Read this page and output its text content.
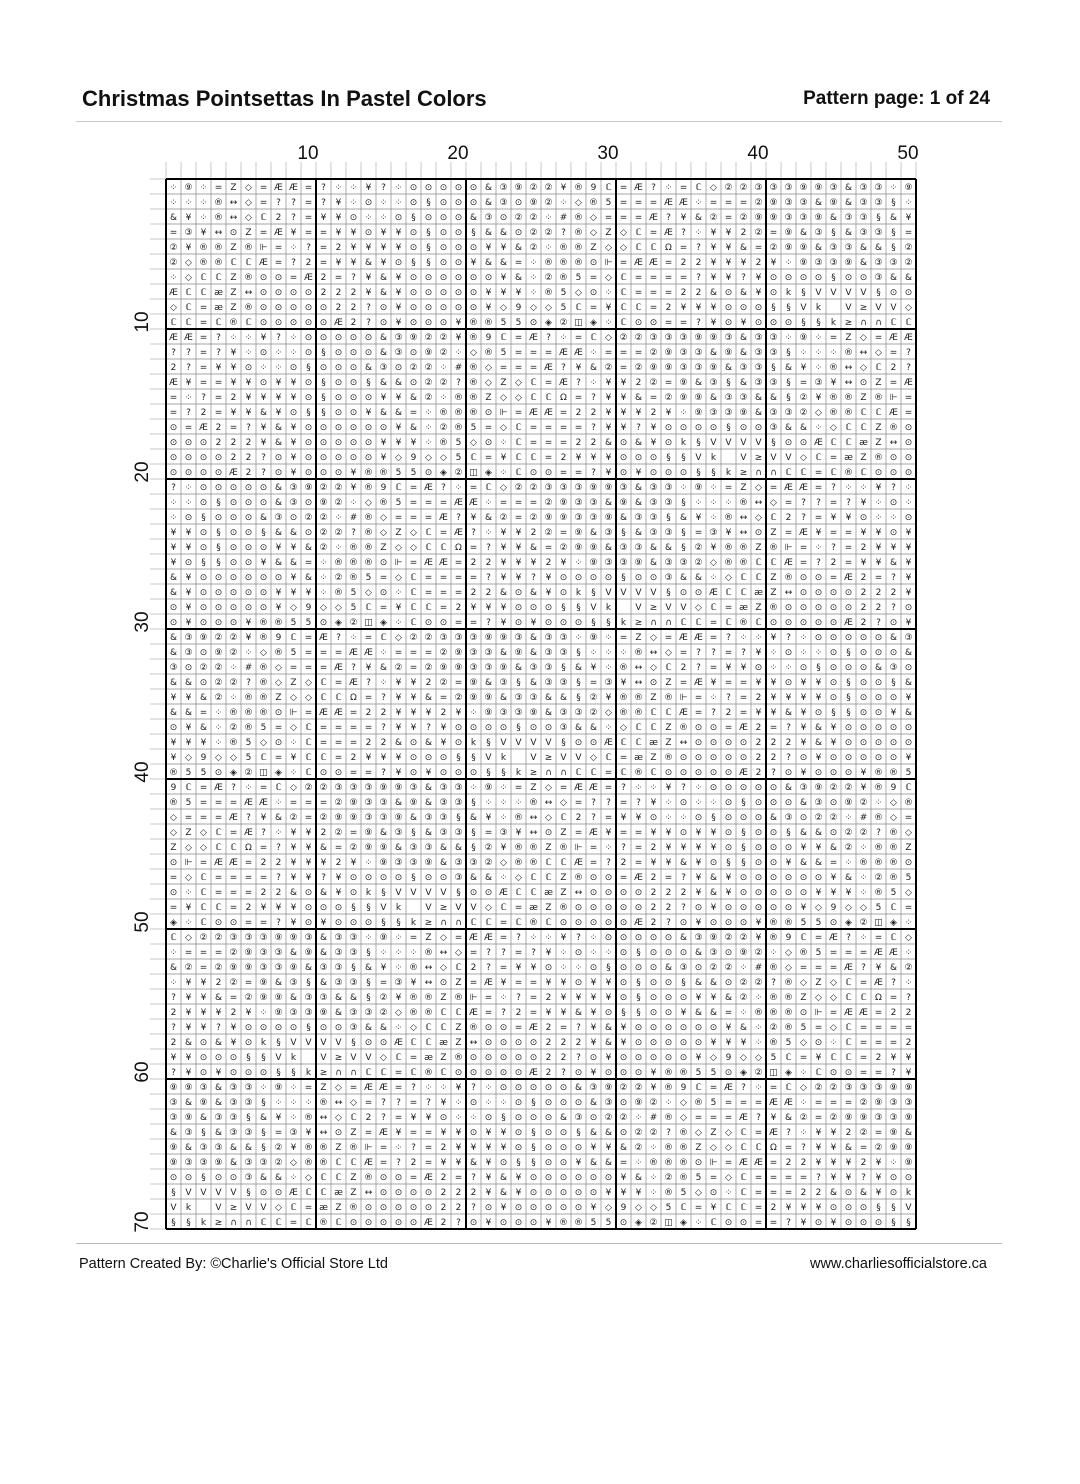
Christmas Pointsettas In Pastel Colors	Pattern page: 1 of 24
⁘ ⑨ ⁘ = Z ◇ = Æ Æ = ? ⁘ ⁘ ¥ ? ⁘ ⊙ ⊙ ⊙ ⊙ ⊙ & ③ ⑨ ② ② ¥ ® 9 ℂ = Æ ? ⁘ = ℂ ◇ ② ② ③ ③ ③ ⑨ ⑨ ③ & ③ ③ ⁘ ⑨
⁘ ⁘ ⁘ ® ↔ ◇ = ? ? = ? ¥ ⁘ ⊙ ⁘ ⁘ ⊙ § ⊙ ⊙ ⊙ & ③ ⊙ ⑨ ② ⁘ ◇ ® 5 = = = Æ Æ ⁘ = = = ② ⑨ ③ ③ & ⑨ & ③ ③ § ⁘
& ¥ ⁘ ® ↔ ◇ ℂ 2 ? = ¥ ¥ ⊙ ⁘ ⁘ ⊙ § ⊙ ⊙ ⊙ & ③ ⊙ ② ② ⁘ # ® ◇ = = = Æ ? ¥ & ② = ② ⑨ ⑨ ③ ③ ⑨ & ③ ③ § & ¥
= ③ ¥ ↔ ⊙ Z = Æ ¥ = = ¥ ¥ ⊙ ¥ ¥ ⊙ § ⊙ ⊙ § & & ⊙ ② ② ? ® ◇ Z ◇ ℂ = Æ ? ⁘ ¥ ¥ 2 ② = ⑨ & ③ § & ③ ③ § =
② ¥ ® ® Z ® ⊩ = ⁘ ? = 2 ¥ ¥ ¥ ¥ ⊙ § ⊙ ⊙ ⊙ ¥ ¥ & ② ⁘ ® ® Z ◇ ◇ ℂ ℂ Ω = ? ¥ ¥ & = ② ⑨ ⑨ & ③ ③ & & § ②
② ◇ ® ® ℂ ℂ Æ = ? 2 = ¥ ¥ & ¥ ⊙ § § ⊙ ⊙ ¥ & & = ⁘ ® ® ® ⊙ ⊩ = Æ Æ = 2 2 ¥ ¥ ¥ 2 ¥ ⁘ ⑨ ③ ③ ⑨ & ③ ③ ②
⁘ ◇ ℂ ℂ Z ® ⊙ ⊙ = Æ 2 = ? ¥ & ¥ ⊙ ⊙ ⊙ ⊙ ⊙ ⊙ ¥ & ⁘ ② ® 5 = ◇ ℂ = = = = ? ¥ ¥ ? ¥ ⊙ ⊙ ⊙ ⊙ § ⊙ ⊙ ③ & &
Æ ℂ ℂ æ Z ↔ ⊙ ⊙ ⊙ ⊙ 2 2 2 ¥ & ¥ ⊙ ⊙ ⊙ ⊙ ⊙ ¥ ¥ ¥ ⁘ ® 5 ◇ ⊙ ⁘ ℂ = = = 2 2 & ⊙ & ¥ ⊙ k § V V V V § ⊙ ⊙
◇ ℂ = æ Z ® ⊙ ⊙ ⊙ ⊙ ⊙ 2 2 ? ⊙ ¥ ⊙ ⊙ ⊙ ⊙ ⊙ ¥ ◇ 9 ◇ ◇ 5 ℂ = ¥ ℂ ℂ = 2 ¥ ¥ ¥ ⊙ ⊙ ⊙ § § V k	V ≥ V V ◇
ℂ ℂ = ℂ ® ℂ ⊙ ⊙ ⊙ ⊙ ⊙ Æ 2 ? ⊙ ¥ ⊙ ⊙ ⊙ ¥ ® ® 5 5 ⊙ ◈ ② ◫ ◈ ⁘ ℂ ⊙ ⊙ = = ? ¥ ⊙ ¥ ⊙ ⊙ ⊙ § § k ≥ ∩ ∩ ℂ ℂ
Æ Æ = ? ⁘ ⁘ ¥ ? ⁘ ⊙ ⊙ ⊙ ⊙ ⊙ & ③ ⑨ ② ② ¥ ® 9 ℂ = Æ ? ⁘ = ℂ ◇ ② ② ③ ③ ③ ⑨ ⑨ ③ & ③ ③ ⁘ ⑨ ⁘ = Z ◇ = Æ Æ
? ? = ? ¥ ⁘ ⊙ ⁘ ⁘ ⊙ § ⊙ ⊙ ⊙ & ③ ⊙ ⑨ ② ⁘ ◇ ® 5 = = = Æ Æ ⁘ = = = ② ⑨ ③ ③ & ⑨ & ③ ③ § ⁘ ⁘ ⁘ ® ↔ ◇ = ?
2 ? = ¥ ¥ ⊙ ⁘ ⁘ ⊙ § ⊙ ⊙ ⊙ & ③ ⊙ ② ② ⁘ # ® ◇ = = = Æ ? ¥ & ② = ② ⑨ ⑨ ③ ③ ⑨ & ③ ③ § & ¥ ⁘ ® ↔ ◇ ℂ 2 ?
Æ ¥ = = ¥ ¥ ⊙ ¥ ¥ ⊙ § ⊙ ⊙ § & & ⊙ ② ② ? ® ◇ Z ◇ ℂ = Æ ? ⁘ ¥ ¥ 2 ② = ⑨ & ③ § & ③ ③ § = ③ ¥ ↔ ⊙ Z = Æ
= ⁘ ? = 2 ¥ ¥ ¥ ¥ ⊙ § ⊙ ⊙ ⊙ ¥ ¥ & ② ⁘ ® ® Z ◇ ◇ ℂ ℂ Ω = ? ¥ ¥ & = ② ⑨ ⑨ & ③ ③ & & § ② ¥ ® ® Z ® ⊩ =
= ? 2 = ¥ ¥ & ¥ ⊙ § § ⊙ ⊙ ¥ & & = ⁘ ® ® ® ⊙ ⊩ = Æ Æ = 2 2 ¥ ¥ ¥ 2 ¥ ⁘ ⑨ ③ ③ ⑨ & ③ ③ ② ◇ ® ® ℂ ℂ Æ =
⊙ = Æ 2 = ? ¥ & ¥ ⊙ ⊙ ⊙ ⊙ ⊙ ⊙ ¥ & ⁘ ② ® 5 = ◇ ℂ = = = = ? ¥ ¥ ? ¥ ⊙ ⊙ ⊙ ⊙ § ⊙ ⊙ ③ & & ⁘ ◇ ℂ ℂ Z ® ⊙
⊙ ⊙ ⊙ 2 2 2 ¥ & ¥ ⊙ ⊙ ⊙ ⊙ ⊙ ¥ ¥ ¥ ⁘ ® 5 ◇ ⊙ ⁘ ℂ = = = 2 2 & ⊙ & ¥ ⊙ k § V V V V § ⊙ ⊙ Æ ℂ ℂ æ Z ↔ ⊙
⊙ ⊙ ⊙ ⊙ 2 2 ? ⊙ ¥ ⊙ ⊙ ⊙ ⊙ ⊙ ¥ ◇ 9 ◇ ◇ 5 ℂ = ¥ ℂ ℂ = 2 ¥ ¥ ¥ ⊙ ⊙ ⊙ § § V k	V ≥ V V ◇ ℂ = æ Z ® ⊙ ⊙
⊙ ⊙ ⊙ ⊙ Æ 2 ? ⊙ ¥ ⊙ ⊙ ⊙ ¥ ® ® 5 5 ⊙ ◈ ② ◫ ◈ ⁘ ℂ ⊙ ⊙ = = ? ¥ ⊙ ¥ ⊙ ⊙ ⊙ § § k ≥ ∩ ∩ ℂ ℂ = ℂ ® ℂ ⊙ ⊙ ⊙
? ⁘ ⊙ ⊙ ⊙ ⊙ ⊙ & ③ ⑨ ② ② ¥ ® 9 ℂ = Æ ? ⁘ = ℂ ◇ ② ② ③ ③ ③ ⑨ ⑨ ③ & ③ ③ ⁘ ⑨ ⁘ = Z ◇ = Æ Æ = ? ⁘ ⁘ ¥ ? ⁘
⁘ ⁘ ⊙ § ⊙ ⊙ ⊙ & ③ ⊙ ⑨ ② ⁘ ◇ ® 5 = = = Æ Æ ⁘ = = = ② ⑨ ③ ③ & ⑨ & ③ ③ § ⁘ ⁘ ⁘ ® ↔ ◇ = ? ? = ? ¥ ⁘ ⊙ ⁘
⁘ ⊙ § ⊙ ⊙ ⊙ & ③ ⊙ ② ② ⁘ # ® ◇ = = = Æ ? ¥ & ② = ② ⑨ ⑨ ③ ③ ⑨ & ③ ③ § & ¥ ⁘ ® ↔ ◇ ℂ 2 ? = ¥ ¥ ⊙ ⁘ ⁘ ⊙
¥ ¥ ⊙ § ⊙ ⊙ § & & ⊙ ② ② ? ® ◇ Z ◇ ℂ = Æ ? ⁘ ¥ ¥ 2 ② = ⑨ & ③ § & ③ ③ § = ③ ¥ ↔ ⊙ Z = Æ ¥ = = ¥ ¥ ⊙ ¥
¥ ¥ ⊙ § ⊙ ⊙ ⊙ ¥ ¥ & ② ⁘ ® ® Z ◇ ◇ ℂ ℂ Ω = ? ¥ ¥ & = ② ⑨ ⑨ & ③ ③ & & § ② ¥ ® ® Z ® ⊩ = ⁘ ? = 2 ¥ ¥ ¥
¥ ⊙ § § ⊙ ⊙ ¥ & & = ⁘ ® ® ® ⊙ ⊩ = Æ Æ = 2 2 ¥ ¥ ¥ 2 ¥ ⁘ ⑨ ③ ③ ⑨ & ③ ③ ② ◇ ® ® ℂ ℂ Æ = ? 2 = ¥ ¥ & ¥
& ¥ ⊙ ⊙ ⊙ ⊙ ⊙ ⊙ ¥ & ⁘ ② ® 5 = ◇ ℂ = = = = ? ¥ ¥ ? ¥ ⊙ ⊙ ⊙ ⊙ § ⊙ ⊙ ③ & & ⁘ ◇ ℂ ℂ Z ® ⊙ ⊙ = Æ 2 = ? ¥
& ¥ ⊙ ⊙ ⊙ ⊙ ⊙ ¥ ¥ ¥ ⁘ ® 5 ◇ ⊙ ⁘ ℂ = = = 2 2 & ⊙ & ¥ ⊙ k § V V V V § ⊙ ⊙ Æ ℂ ℂ æ Z ↔ ⊙ ⊙ ⊙ ⊙ 2 2 2 ¥
⊙ ¥ ⊙ ⊙ ⊙ ⊙ ⊙ ¥ ◇ 9 ◇ ◇ 5 ℂ = ¥ ℂ ℂ = 2 ¥ ¥ ¥ ⊙ ⊙ ⊙ § § V k	V ≥ V V ◇ ℂ = æ Z ® ⊙ ⊙ ⊙ ⊙ ⊙ 2 2 ? ⊙
⊙ ¥ ⊙ ⊙ ⊙ ¥ ® ® 5 5 ⊙ ◈ ② ◫ ◈ ⁘ ℂ ⊙ ⊙ = = ? ¥ ⊙ ¥ ⊙ ⊙ ⊙ § § k ≥ ∩ ∩ ℂ ℂ = ℂ ® ℂ ⊙ ⊙ ⊙ ⊙ ⊙ Æ 2 ? ⊙ ¥
& ③ ⑨ ② ② ¥ ® 9 ℂ = Æ ? ⁘ = ℂ ◇ ② ② ③ ③ ③ ⑨ ⑨ ③ & ③ ③ ⁘ ⑨ ⁘ = Z ◇ = Æ Æ = ? ⁘ ⁘ ¥ ? ⁘ ⊙ ⊙ ⊙ ⊙ ⊙ & ③
& ③ ⊙ ⑨ ② ⁘ ◇ ® 5 = = = Æ Æ ⁘ = = = ② ⑨ ③ ③ & ⑨ & ③ ③ § ⁘ ⁘ ⁘ ® ↔ ◇ = ? ? = ? ¥ ⁘ ⊙ ⁘ ⁘ ⊙ § ⊙ ⊙ ⊙ &
③ ⊙ ② ② ⁘ # ® ◇ = = = Æ ? ¥ & ② = ② ⑨ ⑨ ③ ③ ⑨ & ③ ③ § & ¥ ⁘ ® ↔ ◇ ℂ 2 ? = ¥ ¥ ⊙ ⁘ ⁘ ⊙ § ⊙ ⊙ ⊙ & ③ ⊙
& & ⊙ ② ② ? ® ◇ Z ◇ ℂ = Æ ? ⁘ ¥ ¥ 2 ② = ⑨ & ③ § & ③ ③ § = ③ ¥ ↔ ⊙ Z = Æ ¥ = = ¥ ¥ ⊙ ¥ ¥ ⊙ § ⊙ ⊙ § &
¥ ¥ & ② ⁘ ® ® Z ◇ ◇ ℂ ℂ Ω = ? ¥ ¥ & = ② ⑨ ⑨ & ③ ③ & & § ② ¥ ® ® Z ® ⊩ = ⁘ ? = 2 ¥ ¥ ¥ ¥ ⊙ § ⊙ ⊙ ⊙ ¥
& & = ⁘ ® ® ® ⊙ ⊩ = Æ Æ = 2 2 ¥ ¥ ¥ 2 ¥ ⁘ ⑨ ③ ③ ⑨ & ③ ③ ② ◇ ® ® ℂ ℂ Æ = ? 2 = ¥ ¥ & ¥ ⊙ § § ⊙ ⊙ ¥ &
⊙ ¥ & ⁘ ② ® 5 = ◇ ℂ = = = = ? ¥ ¥ ? ¥ ⊙ ⊙ ⊙ ⊙ § ⊙ ⊙ ③ & & ⁘ ◇ ℂ ℂ Z ® ⊙ ⊙ = Æ 2 = ? ¥ & ¥ ⊙ ⊙ ⊙ ⊙ ⊙
¥ ¥ ¥ ⁘ ® 5 ◇ ⊙ ⁘ ℂ = = = 2 2 & ⊙ & ¥ ⊙ k § V V V V § ⊙ ⊙ Æ ℂ ℂ æ Z ↔ ⊙ ⊙ ⊙ ⊙ 2 2 2 ¥ & ¥ ⊙ ⊙ ⊙ ⊙ ⊙
¥ ◇ 9 ◇ ◇ 5 ℂ = ¥ ℂ ℂ = 2 ¥ ¥ ¥ ⊙ ⊙ ⊙ § § V k	V ≥ V V ◇ ℂ = æ Z ® ⊙ ⊙ ⊙ ⊙ ⊙ 2 2 ? ⊙ ¥ ⊙ ⊙ ⊙ ⊙ ⊙ ¥
® 5 5 ⊙ ◈ ② ◫ ◈ ⁘ ℂ ⊙ ⊙ = = ? ¥ ⊙ ¥ ⊙ ⊙ ⊙ § § k ≥ ∩ ∩ ℂ ℂ = ℂ ® ℂ ⊙ ⊙ ⊙ ⊙ ⊙ Æ 2 ? ⊙ ¥ ⊙ ⊙ ⊙ ¥ ® ® 5
9 ℂ = Æ ? ⁘ = ℂ ◇ ② ② ③ ③ ③ ⑨ ⑨ ③ & ③ ③ ⁘ ⑨ ⁘ = Z ◇ = Æ Æ = ? ⁘ ⁘ ¥ ? ⁘ ⊙ ⊙ ⊙ ⊙ ⊙ & ③ ⑨ ② ② ¥ ® 9 ℂ
® 5 = = = Æ Æ ⁘ = = = ② ⑨ ③ ③ & ⑨ & ③ ③ § ⁘ ⁘ ⁘ ® ↔ ◇ = ? ? = ? ¥ ⁘ ⊙ ⁘ ⁘ ⊙ § ⊙ ⊙ ⊙ & ③ ⊙ ⑨ ② ⁘ ◇ ®
◇ = = = Æ ? ¥ & ② = ② ⑨ ⑨ ③ ③ ⑨ & ③ ③ § & ¥ ⁘ ® ↔ ◇ ℂ 2 ? = ¥ ¥ ⊙ ⁘ ⁘ ⊙ § ⊙ ⊙ ⊙ & ③ ⊙ ② ② ⁘ # ® ◇ =
◇ Z ◇ ℂ = Æ ? ⁘ ¥ ¥ 2 ② = ⑨ & ③ § & ③ ③ § = ③ ¥ ↔ ⊙ Z = Æ ¥ = = ¥ ¥ ⊙ ¥ ¥ ⊙ § ⊙ ⊙ § & & ⊙ ② ② ? ® ◇
Z ◇ ◇ ℂ ℂ Ω = ? ¥ ¥ & = ② ⑨ ⑨ & ③ ③ & & § ② ¥ ® ® Z ® ⊩ = ⁘ ? = 2 ¥ ¥ ¥ ¥ ⊙ § ⊙ ⊙ ⊙ ¥ ¥ & ② ⁘ ® ® Z
⊙ ⊩ = Æ Æ = 2 2 ¥ ¥ ¥ 2 ¥ ⁘ ⑨ ③ ③ ⑨ & ③ ③ ② ◇ ® ® ℂ ℂ Æ = ? 2 = ¥ ¥ & ¥ ⊙ § § ⊙ ⊙ ¥ & & = ⁘ ® ® ® ⊙
= ◇ ℂ = = = = ? ¥ ¥ ? ¥ ⊙ ⊙ ⊙ ⊙ § ⊙ ⊙ ③ & & ⁘ ◇ ℂ ℂ Z ® ⊙ ⊙ = Æ 2 = ? ¥ & ¥ ⊙ ⊙ ⊙ ⊙ ⊙ ⊙ ¥ & ⁘ ② ® 5
⊙ ⁘ ℂ = = = 2 2 & ⊙ & ¥ ⊙ k § V V V V § ⊙ ⊙ Æ ℂ ℂ æ Z ↔ ⊙ ⊙ ⊙ ⊙ 2 2 2 ¥ & ¥ ⊙ ⊙ ⊙ ⊙ ⊙ ¥ ¥ ¥ ⁘ ® 5 ◇
= ¥ ℂ ℂ = 2 ¥ ¥ ¥ ⊙ ⊙ ⊙ § § V k	V ≥ V V ◇ ℂ = æ Z ® ⊙ ⊙ ⊙ ⊙ ⊙ 2 2 ? ⊙ ¥ ⊙ ⊙ ⊙ ⊙ ⊙ ¥ ◇ 9 ◇ ◇ 5 ℂ =
◈ ⁘ ℂ ⊙ ⊙ = = ? ¥ ⊙ ¥ ⊙ ⊙ ⊙ § § k ≥ ∩ ∩ ℂ ℂ = ℂ ® ℂ ⊙ ⊙ ⊙ ⊙ ⊙ Æ 2 ? ⊙ ¥ ⊙ ⊙ ⊙ ¥ ® ® 5 5 ⊙ ◈ ② ◫ ◈ ⁘
ℂ ◇ ② ② ③ ③ ③ ⑨ ⑨ ③ & ③ ③ ⁘ ⑨ ⁘ = Z ◇ = Æ Æ = ? ⁘ ⁘ ¥ ? ⁘ ⊙ ⊙ ⊙ ⊙ ⊙ & ③ ⑨ ② ② ¥ ® 9 ℂ = Æ ? ⁘ = ℂ ◇
⁘ = = = ② ⑨ ③ ③ & ⑨ & ③ ③ § ⁘ ⁘ ⁘ ® ↔ ◇ = ? ? = ? ¥ ⁘ ⊙ ⁘ ⁘ ⊙ § ⊙ ⊙ ⊙ & ③ ⊙ ⑨ ② ⁘ ◇ ® 5 = = = Æ Æ ⁘
& ② = ② ⑨ ⑨ ③ ③ ⑨ & ③ ③ § & ¥ ⁘ ® ↔ ◇ ℂ 2 ? = ¥ ¥ ⊙ ⁘ ⁘ ⊙ § ⊙ ⊙ ⊙ & ③ ⊙ ② ② ⁘ # ® ◇ = = = Æ ? ¥ & ②
⁘ ¥ ¥ 2 ② = ⑨ & ③ § & ③ ③ § = ③ ¥ ↔ ⊙ Z = Æ ¥ = = ¥ ¥ ⊙ ¥ ¥ ⊙ § ⊙ ⊙ § & & ⊙ ② ② ? ® ◇ Z ◇ ℂ = Æ ? ⁘
? ¥ ¥ & = ② ⑨ ⑨ & ③ ③ & & § ② ¥ ® ® Z ® ⊩ = ⁘ ? = 2 ¥ ¥ ¥ ¥ ⊙ § ⊙ ⊙ ⊙ ¥ ¥ & ② ⁘ ® ® Z ◇ ◇ ℂ ℂ Ω = ?
2 ¥ ¥ ¥ 2 ¥ ⁘ ⑨ ③ ③ ⑨ & ③ ③ ② ◇ ® ® ℂ ℂ Æ = ? 2 = ¥ ¥ & ¥ ⊙ § § ⊙ ⊙ ¥ & & = ⁘ ® ® ® ⊙ ⊩ = Æ Æ = 2 2
? ¥ ¥ ? ¥ ⊙ ⊙ ⊙ ⊙ § ⊙ ⊙ ③ & & ⁘ ◇ ℂ ℂ Z ® ⊙ ⊙ = Æ 2 = ? ¥ & ¥ ⊙ ⊙ ⊙ ⊙ ⊙ ⊙ ¥ & ⁘ ② ® 5 = ◇ ℂ = = = =
2 & ⊙ & ¥ ⊙ k § V V V V § ⊙ ⊙ Æ ℂ ℂ æ Z ↔ ⊙ ⊙ ⊙ ⊙ 2 2 2 ¥ & ¥ ⊙ ⊙ ⊙ ⊙ ⊙ ¥ ¥ ¥ ⁘ ® 5 ◇ ⊙ ⁘ ℂ = = = 2
¥ ¥ ⊙ ⊙ ⊙ § § V k	V ≥ V V ◇ ℂ = æ Z ® ⊙ ⊙ ⊙ ⊙ ⊙ 2 2 ? ⊙ ¥ ⊙ ⊙ ⊙ ⊙ ⊙ ¥ ◇ 9 ◇ ◇ 5 ℂ = ¥ ℂ ℂ = 2 ¥ ¥
? ¥ ⊙ ¥ ⊙ ⊙ ⊙ § § k ≥ ∩ ∩ ℂ ℂ = ℂ ® ℂ ⊙ ⊙ ⊙ ⊙ ⊙ Æ 2 ? ⊙ ¥ ⊙ ⊙ ⊙ ¥ ® ® 5 5 ⊙ ◈ ② ◫ ◈ ⁘ ℂ ⊙ ⊙ = = ? ¥
⑨ ⑨ ③ & ③ ③ ⁘ ⑨ ⁘ = Z ◇ = Æ Æ = ? ⁘ ⁘ ¥ ? ⁘ ⊙ ⊙ ⊙ ⊙ ⊙ & ③ ⑨ ② ② ¥ ® 9 ℂ = Æ ? ⁘ = ℂ ◇ ② ② ③ ③ ③ ⑨ ⑨
③ & ⑨ & ③ ③ § ⁘ ⁘ ⁘ ® ↔ ◇ = ? ? = ? ¥ ⁘ ⊙ ⁘ ⁘ ⊙ § ⊙ ⊙ ⊙ & ③ ⊙ ⑨ ② ⁘ ◇ ® 5 = = = Æ Æ ⁘ = = = ② ⑨ ③ ③
③ ⑨ & ③ ③ § & ¥ ⁘ ® ↔ ◇ ℂ 2 ? = ¥ ¥ ⊙ ⁘ ⁘ ⊙ § ⊙ ⊙ ⊙ & ③ ⊙ ② ② ⁘ # ® ◇ = = = Æ ? ¥ & ② = ② ⑨ ⑨ ③ ③ ⑨
& ③ § & ③ ③ § = ③ ¥ ↔ ⊙ Z = Æ ¥ = = ¥ ¥ ⊙ ¥ ¥ ⊙ § ⊙ ⊙ § & & ⊙ ② ② ? ® ◇ Z ◇ ℂ = Æ ? ⁘ ¥ ¥ 2 ② = ⑨ &
⑨ & ③ ③ & & § ② ¥ ® ® Z ® ⊩ = ⁘ ? = 2 ¥ ¥ ¥ ¥ ⊙ § ⊙ ⊙ ⊙ ¥ ¥ & ② ⁘ ® ® Z ◇ ◇ ℂ ℂ Ω = ? ¥ ¥ & = ② ⑨ ⑨
⑨ ③ ③ ⑨ & ③ ③ ② ◇ ® ® ℂ ℂ Æ = ? 2 = ¥ ¥ & ¥ ⊙ § § ⊙ ⊙ ¥ & & = ⁘ ® ® ® ⊙ ⊩ = Æ Æ = 2 2 ¥ ¥ ¥ 2 ¥ ⁘ ⑨
⊙ ⊙ § ⊙ ⊙ ③ & & ⁘ ◇ ℂ ℂ Z ® ⊙ ⊙ = Æ 2 = ? ¥ & ¥ ⊙ ⊙ ⊙ ⊙ ⊙ ⊙ ¥ & ⁘ ② ® 5 = ◇ ℂ = = = = ? ¥ ¥ ? ¥ ⊙ ⊙
§ V V V V § ⊙ ⊙ Æ ℂ ℂ æ Z ↔ ⊙ ⊙ ⊙ ⊙ 2 2 2 ¥ & ¥ ⊙ ⊙ ⊙ ⊙ ⊙ ¥ ¥ ¥ ⁘ ® 5 ◇ ⊙ ⁘ ℂ = = = 2 2 & ⊙ & ¥ ⊙ k
V k	V ≥ V V ◇ ℂ = æ Z ® ⊙ ⊙ ⊙ ⊙ ⊙ 2 2 ? ⊙ ¥ ⊙ ⊙ ⊙ ⊙ ⊙ ¥ ◇ 9 ◇ ◇ 5 ℂ = ¥ ℂ ℂ = 2 ¥ ¥ ¥ ⊙ ⊙ ⊙ § § V
§ § k ≥ ∩ ∩ ℂ ℂ = ℂ ® ℂ ⊙ ⊙ ⊙ ⊙ ⊙ Æ 2 ? ⊙ ¥ ⊙ ⊙ ⊙ ¥ ® ® 5 5 ⊙ ◈ ② ◫ ◈ ⁘ ℂ ⊙ ⊙ = = ? ¥ ⊙ ¥ ⊙ ⊙ ⊙ § §
10	20	30	40	50
10
20
30
40
50
60
70
Pattern Created By: ©Charlie's Official Store Ltd	www.charliesofficialstore.ca
